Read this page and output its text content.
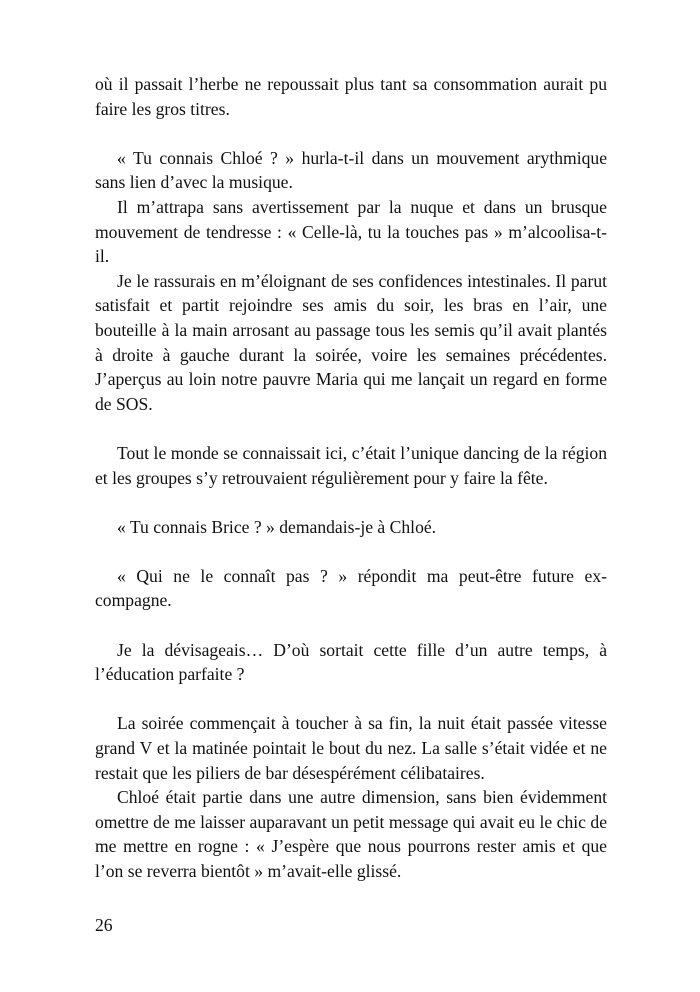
où il passait l’herbe ne repoussait plus tant sa consommation aurait pu faire les gros titres.

« Tu connais Chloé ? » hurla-t-il dans un mouvement arythmique sans lien d’avec la musique.

Il m’attrapa sans avertissement par la nuque et dans un brusque mouvement de tendresse : « Celle-là, tu la touches pas » m’alcoolisa-t-il.

Je le rassurais en m’éloignant de ses confidences intestinales. Il parut satisfait et partit rejoindre ses amis du soir, les bras en l’air, une bouteille à la main arrosant au passage tous les semis qu’il avait plantés à droite à gauche durant la soirée, voire les semaines précédentes. J’aperçus au loin notre pauvre Maria qui me lançait un regard en forme de SOS.

Tout le monde se connaissait ici, c’était l’unique dancing de la région et les groupes s’y retrouvaient régulièrement pour y faire la fête.

« Tu connais Brice ? » demandais-je à Chloé.

« Qui ne le connaît pas ? » répondit ma peut-être future ex-compagne.

Je la dévisageais… D’où sortait cette fille d’un autre temps, à l’éducation parfaite ?

La soirée commençait à toucher à sa fin, la nuit était passée vitesse grand V et la matinée pointait le bout du nez. La salle s’était vidée et ne restait que les piliers de bar désespérément célibataires.

Chloé était partie dans une autre dimension, sans bien évidemment omettre de me laisser auparavant un petit message qui avait eu le chic de me mettre en rogne : « J’espère que nous pourrons rester amis et que l’on se reverra bientôt » m’avait-elle glissé.

26
